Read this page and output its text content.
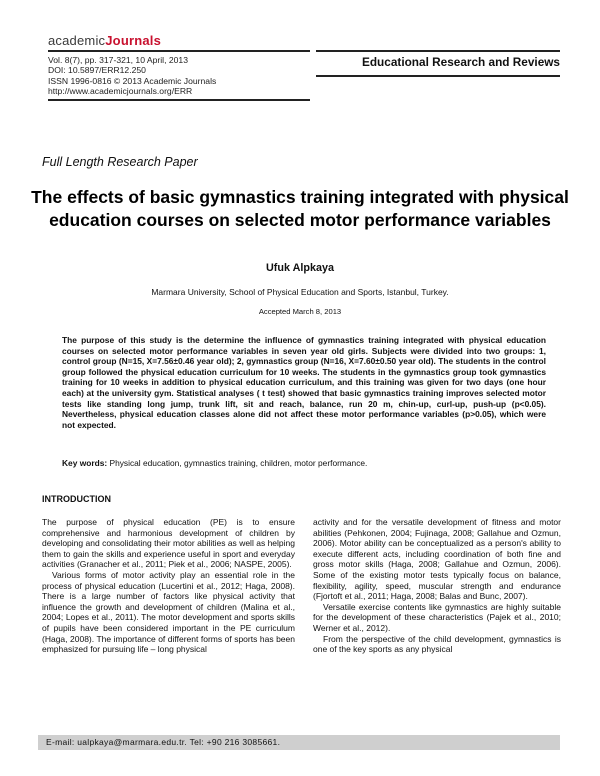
academicJournals
Vol. 8(7), pp. 317-321, 10 April, 2013
DOI: 10.5897/ERR12.250
ISSN 1996-0816 © 2013 Academic Journals
http://www.academicjournals.org/ERR
Educational Research and Reviews
Full Length Research Paper
The effects of basic gymnastics training integrated with physical education courses on selected motor performance variables
Ufuk Alpkaya
Marmara University, School of Physical Education and Sports, Istanbul, Turkey.
Accepted March 8, 2013
The purpose of this study is the determine the influence of gymnastics training integrated with physical education courses on selected motor performance variables in seven year old girls. Subjects were divided into two groups: 1, control group (N=15, X=7.56±0.46 year old); 2, gymnastics group (N=16, X=7.60±0.50 year old). The students in the control group followed the physical education curriculum for 10 weeks. The students in the gymnastics group took gymnastics training for 10 weeks in addition to physical education curriculum, and this training was given for two days (one hour each) at the university gym. Statistical analyses ( t test) showed that basic gymnastics training improves selected motor tests like standing long jump, trunk lift, sit and reach, balance, run 20 m, chin-up, curl-up, push-up (p<0.05). Nevertheless, physical education classes alone did not affect these motor performance variables (p>0.05), which were not expected.
Key words: Physical education, gymnastics training, children, motor performance.
INTRODUCTION

The purpose of physical education (PE) is to ensure comprehensive and harmonious development of children by developing and consolidating their motor abilities as well as helping them to gain the skills and experience useful in sport and everyday activities (Granacher et al., 2011; Piek et al., 2006; NASPE, 2005).

Various forms of motor activity play an essential role in the process of physical education (Lucertini et al., 2012; Haga, 2008). There is a large number of factors like physical activity that influence the growth and development of children (Malina et al., 2004; Lopes et al., 2011). The motor development and sports skills of pupils have been considered important in the PE curriculum (Haga, 2008). The importance of different forms of sports has been emphasized for pursuing life – long physical

activity and for the versatile development of fitness and motor abilities (Pehkonen, 2004; Fujinaga, 2008; Gallahue and Ozmun, 2006). Motor ability can be conceptualized as a person's ability to execute different acts, including coordination of both fine and gross motor skills (Haga, 2008; Gallahue and Ozmun, 2006). Some of the existing motor tests typically focus on balance, flexibility, agility, speed, muscular strength and endurance (Fjortoft et al., 2011; Haga, 2008; Balas and Bunc, 2007).

Versatile exercise contents like gymnastics are highly suitable for the development of these characteristics (Pajek et al., 2010; Werner et al., 2012).

From the perspective of the child development, gymnastics is one of the key sports as any physical

E-mail: ualpkaya@marmara.edu.tr. Tel: +90 216 3085661.
